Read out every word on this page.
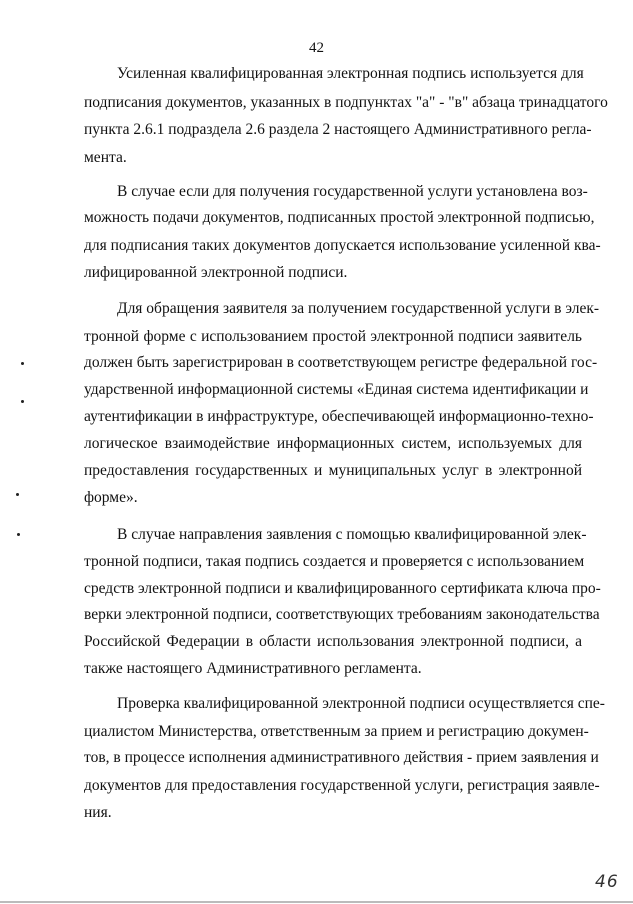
42
Усиленная квалифицированная электронная подпись используется для
подписания документов, указанных в подпунктах "а" - "в" абзаца тринадцатого
пункта 2.6.1 подраздела 2.6 раздела 2 настоящего Административного регла-
мента.
В случае если для получения государственной услуги установлена воз-
можность подачи документов, подписанных простой электронной подписью,
для подписания таких документов допускается использование усиленной ква-
лифицированной электронной подписи.
Для обращения заявителя за получением государственной услуги в элек-
тронной форме с использованием простой электронной подписи заявитель
должен быть зарегистрирован в соответствующем регистре федеральной гос-
ударственной информационной системы «Единая система идентификации и
аутентификации в инфраструктуре, обеспечивающей информационно-техно-
логическое взаимодействие информационных систем, используемых для
предоставления государственных и муниципальных услуг в электронной
форме».
В случае направления заявления с помощью квалифицированной элек-
тронной подписи, такая подпись создается и проверяется с использованием
средств электронной подписи и квалифицированного сертификата ключа про-
верки электронной подписи, соответствующих требованиям законодательства
Российской Федерации в области использования электронной подписи, а
также настоящего Административного регламента.
Проверка квалифицированной электронной подписи осуществляется спе-
циалистом Министерства, ответственным за прием и регистрацию докумен-
тов, в процессе исполнения административного действия - прием заявления и
документов для предоставления государственной услуги, регистрация заявле-
ния.
46
